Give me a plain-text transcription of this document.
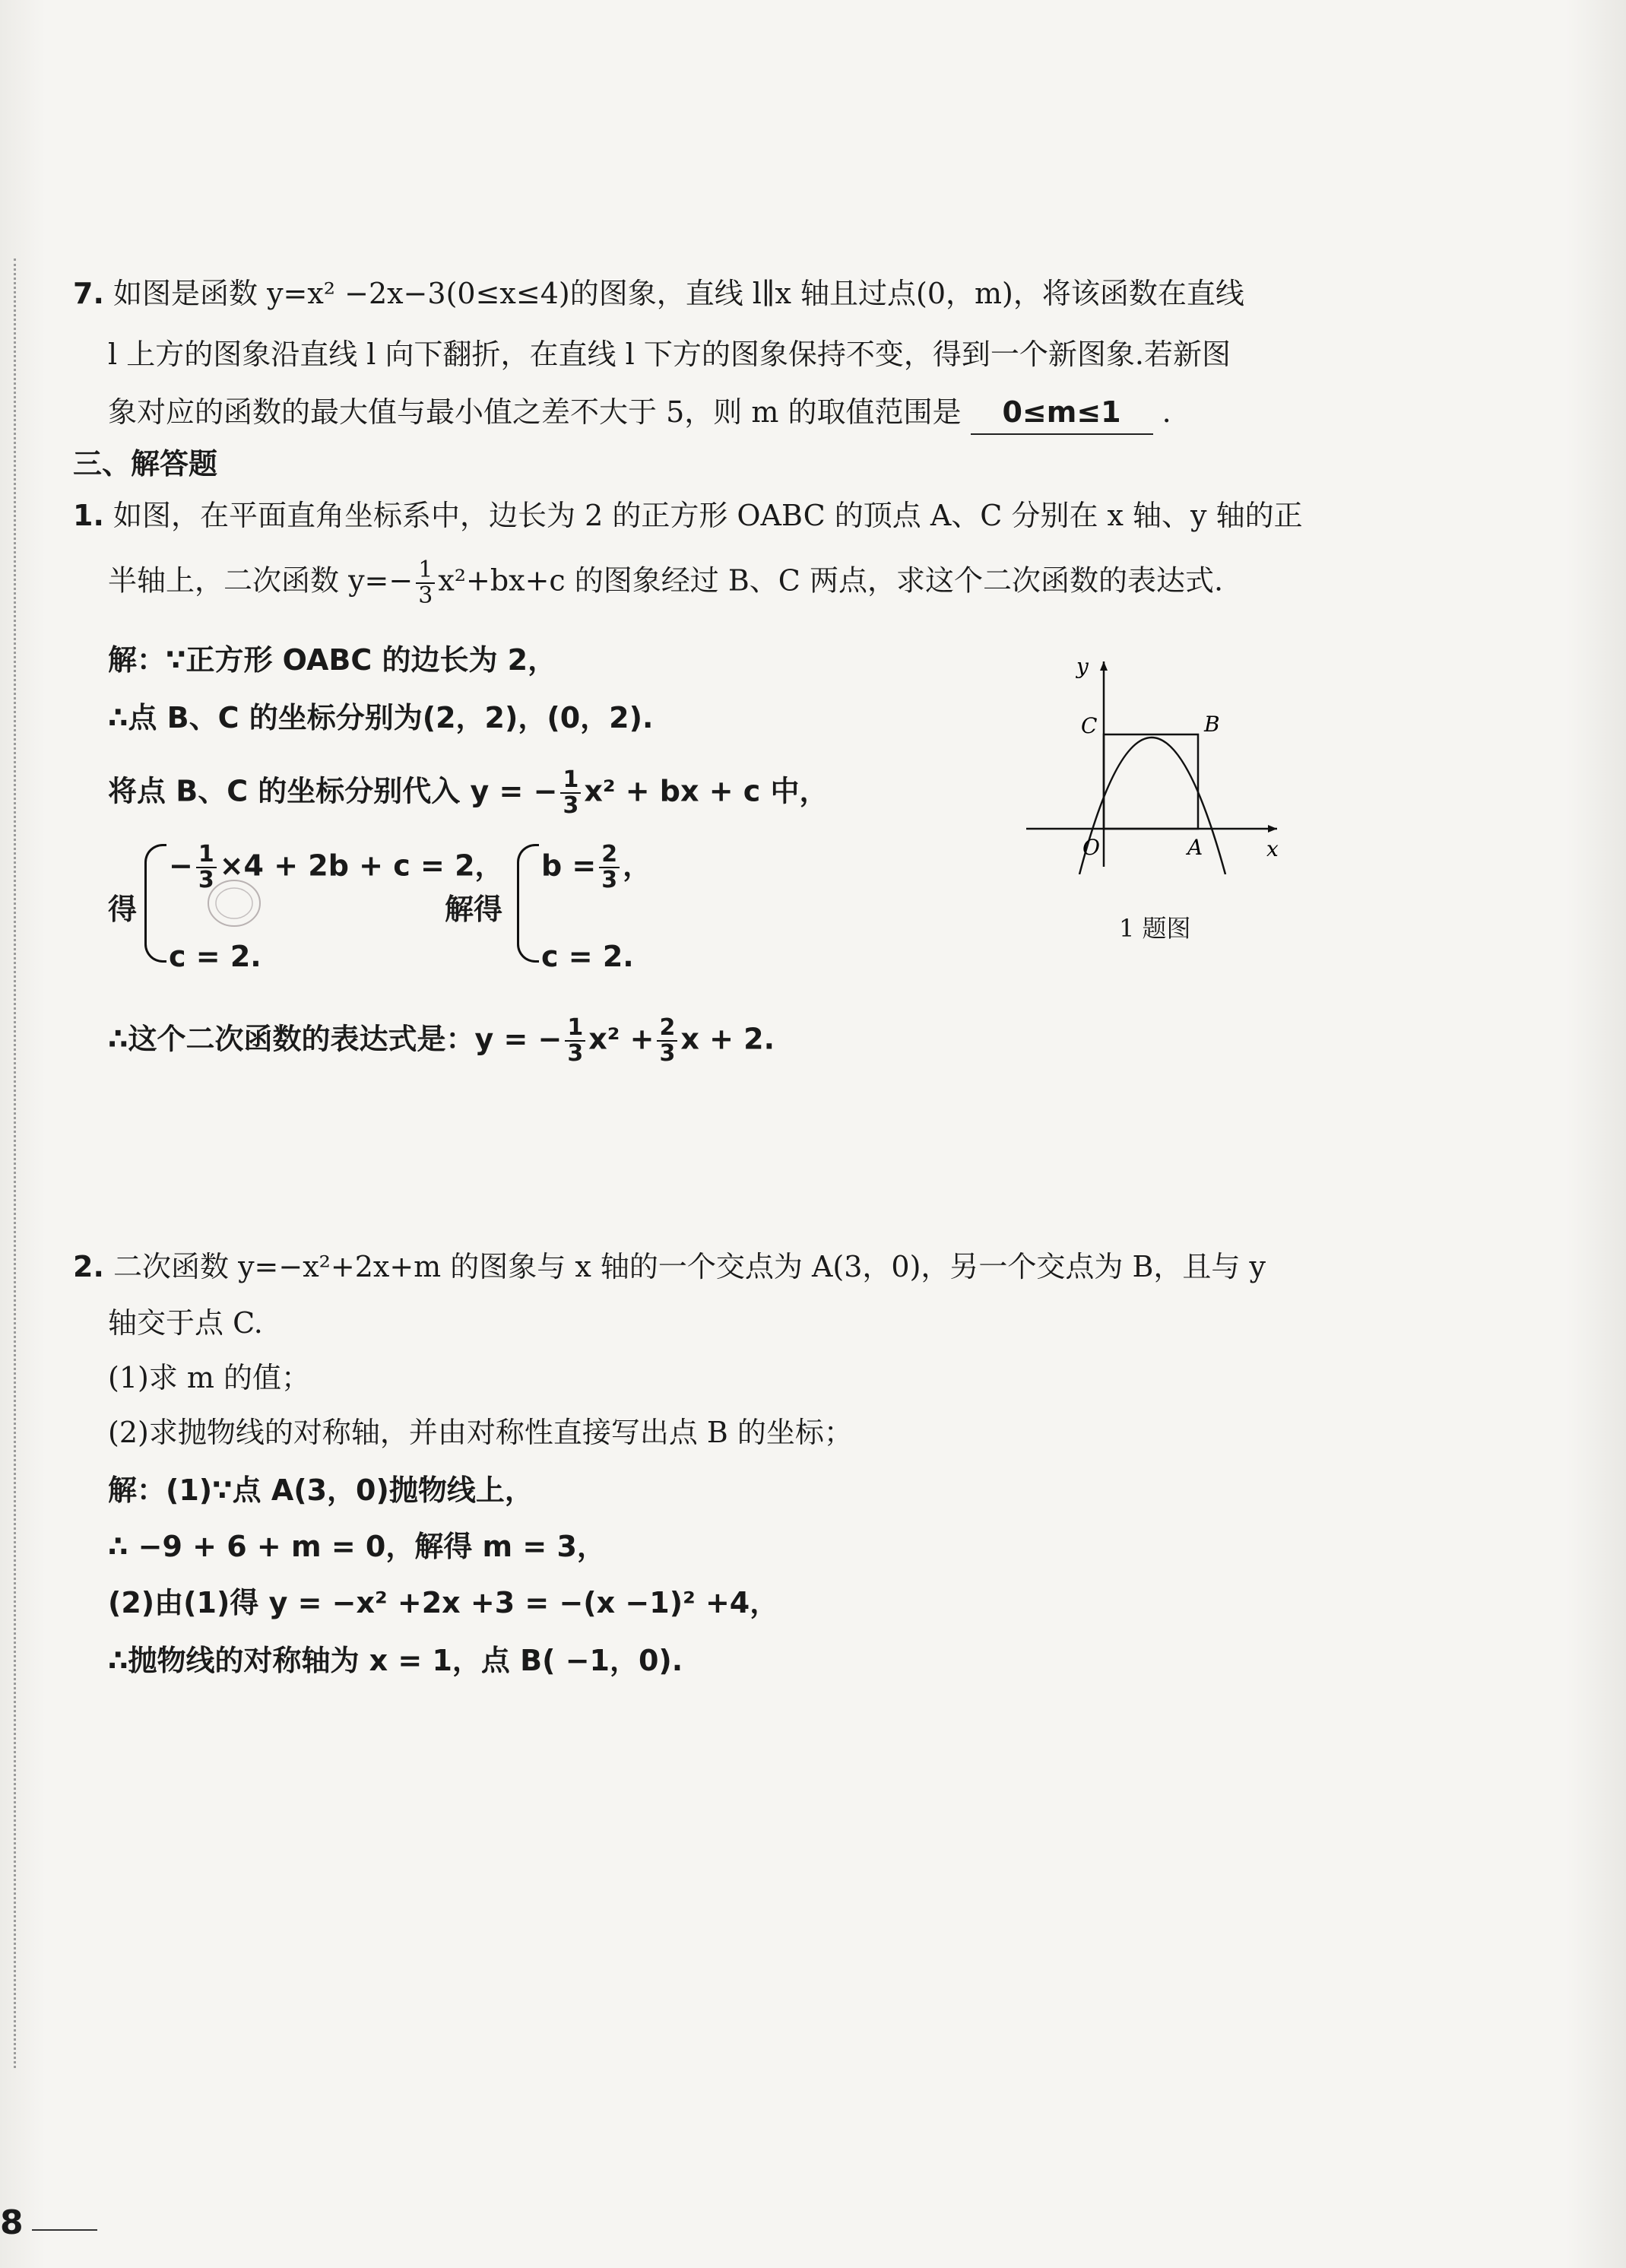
7. 如图是函数 y=x² −2x−3(0≤x≤4)的图象，直线 l∥x 轴且过点(0，m)，将该函数在直线
l 上方的图象沿直线 l 向下翻折，在直线 l 下方的图象保持不变，得到一个新图象.若新图
象对应的函数的最大值与最小值之差不大于 5，则 m 的取值范围是 0≤m≤1 .
三、解答题
1. 如图，在平面直角坐标系中，边长为 2 的正方形 OABC 的顶点 A、C 分别在 x 轴、y 轴的正
半轴上，二次函数 $y=- \frac{1}{3} x^2+bx+c$ 的图象经过 B、C 两点，求这个二次函数的表达式.
解：∵正方形 OABC 的边长为 2，
∴点 B、C 的坐标分别为(2，2)，(0，2).
将点 B、C 的坐标分别代入 y = − $\frac{1}{3} x^2$ + bx + c 中，
得
− $\frac{1}{3} \times 4 + 2b + c = 2$，
c = 2.
解得
$b = \frac{2}{3}$ ，
c = 2.
∴这个二次函数的表达式是：y = − $\frac{1}{3} x^2 + \frac{2}{3}$ x + 2.
y
x
O	A
B
C
1 题图
2. 二次函数 y=−x²+2x+m 的图象与 x 轴的一个交点为 A(3，0)，另一个交点为 B，且与 y
轴交于点 C.
(1)求 m 的值；
(2)求抛物线的对称轴，并由对称性直接写出点 B 的坐标；
解：(1)∵点 A(3，0)抛物线上，
∴ −9 + 6 + m = 0，解得 m = 3，
(2)由(1)得 y = −x² +2x +3 = −(x −1)² +4，
∴抛物线的对称轴为 x = 1，点 B( −1，0).
8
